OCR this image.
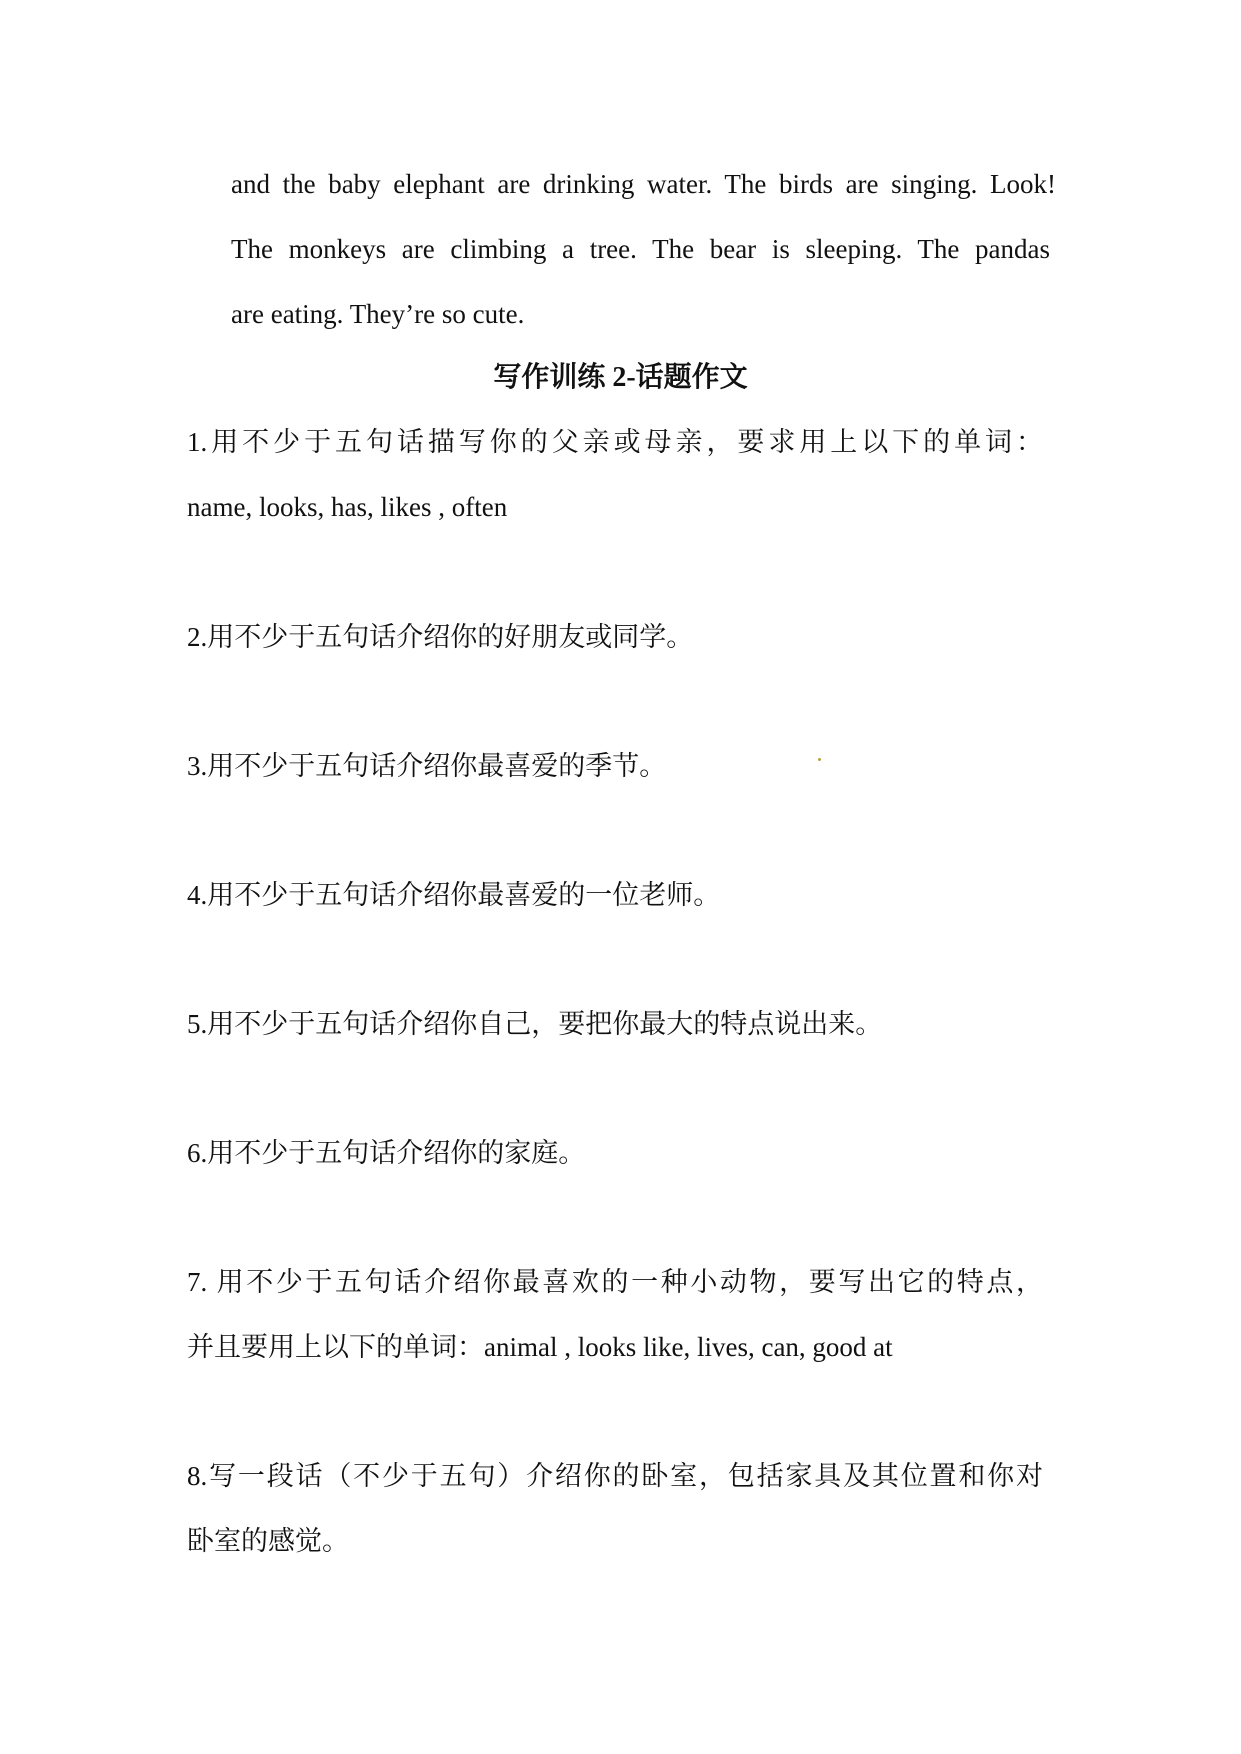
and the baby elephant are drinking water. The birds are singing. Look!
The monkeys are climbing a tree. The bear is sleeping. The pandas
are eating. They’re so cute.
写作训练 2-话题作文
1.用不少于五句话描写你的父亲或母亲，要求用上以下的单词：
name, looks, has, likes , often
2.用不少于五句话介绍你的好朋友或同学。
3.用不少于五句话介绍你最喜爱的季节。
4.用不少于五句话介绍你最喜爱的一位老师。
5.用不少于五句话介绍你自己，要把你最大的特点说出来。
6.用不少于五句话介绍你的家庭。
7. 用不少于五句话介绍你最喜欢的一种小动物，要写出它的特点，
并且要用上以下的单词：animal , looks like, lives, can, good at
8.写一段话（不少于五句）介绍你的卧室，包括家具及其位置和你对
卧室的感觉。
